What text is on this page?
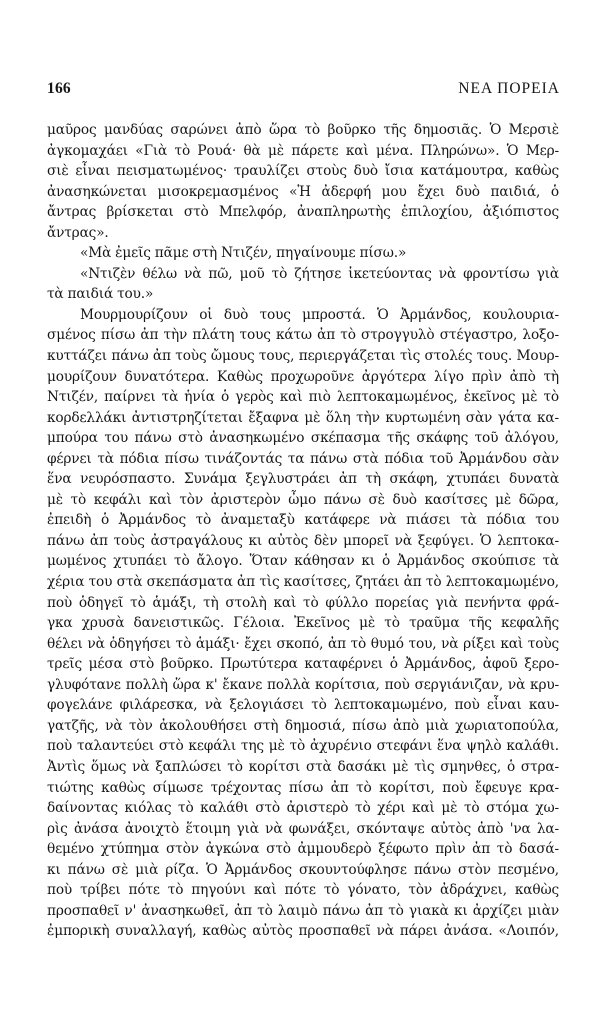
166	ΝΕΑ ΠΟΡΕΙΑ
μαῦρος μανδύας σαρώνει ἀπὸ ὥρα τὸ βοῦρκο τῆς δημοσιᾶς. Ὁ Μερσιὲ
ἀγκομαχάει «Γιὰ τὸ Ρουά· θὰ μὲ πάρετε καὶ μένα. Πληρώνω». Ὁ Μερ-
σιὲ εἶναι πεισματωμένος· τραυλίζει στοὺς δυὸ ἴσια κατάμουτρα, καθὼς
ἀνασηκώνεται μισοκρεμασμένος «Ἡ ἀδερφή μου ἔχει δυὸ παιδιά, ὁ
ἄντρας βρίσκεται στὸ Μπελφόρ, ἀναπληρωτὴς ἐπιλοχίου, ἀξιόπιστος
ἄντρας».
«Μὰ ἐμεῖς πᾶμε στὴ Ντιζέν, πηγαίνουμε πίσω.»
«Ντιζὲν θέλω νὰ πῶ, μοῦ τὸ ζήτησε ἱκετεύοντας νὰ φροντίσω γιὰ
τὰ παιδιά του.»
Μουρμουρίζουν οἱ δυὸ τους μπροστά. Ὁ Ἀρμάνδος, κουλουρια-
σμένος πίσω ἀπ τὴν πλάτη τους κάτω ἀπ τὸ στρογγυλὸ στέγαστρο, λοξο-
κυττάζει πάνω ἀπ τοὺς ὤμους τους, περιεργάζεται τὶς στολές τους. Μουρ-
μουρίζουν δυνατότερα. Καθὼς προχωροῦνε ἀργότερα λίγο πρὶν ἀπὸ τὴ
Ντιζέν, παίρνει τὰ ἡνία ὁ γερὸς καὶ πιὸ λεπτοκαμωμένος, ἐκεῖνος μὲ τὸ
κορδελλάκι ἀντιστρηζίτεται ἔξαφνα μὲ ὅλη τὴν κυρτωμένη σὰν γάτα κα-
μπούρα του πάνω στὸ ἀνασηκωμένο σκέπασμα τῆς σκάφης τοῦ ἀλόγου,
φέρνει τὰ πόδια πίσω τινάζοντάς τα πάνω στὰ πόδια τοῦ Ἀρμάνδου σὰν
ἕνα νευρόσπαστο. Συνάμα ξεγλυστράει ἀπ τὴ σκάφη, χτυπάει δυνατὰ
μὲ τὸ κεφάλι καὶ τὸν ἀριστερὸν ὦμο πάνω σὲ δυὸ κασίτσες μὲ δῶρα,
ἐπειδὴ ὁ Ἀρμάνδος τὸ ἀναμεταξὺ κατάφερε νὰ πιάσει τὰ πόδια του
πάνω ἀπ τοὺς ἀστραγάλους κι αὐτὸς δὲν μπορεῖ νὰ ξεφύγει. Ὁ λεπτοκα-
μωμένος χτυπάει τὸ ἄλογο. Ὅταν κάθησαν κι ὁ Ἀρμάνδος σκούπισε τὰ
χέρια του στὰ σκεπάσματα ἀπ τὶς κασίτσες, ζητάει ἀπ τὸ λεπτοκαμωμένο,
ποὺ ὁδηγεῖ τὸ ἁμάξι, τὴ στολὴ καὶ τὸ φύλλο πορείας γιὰ πενήντα φρά-
γκα χρυσὰ δανειστικῶς. Γέλοια. Ἐκεῖνος μὲ τὸ τραῦμα τῆς κεφαλῆς
θέλει νὰ ὁδηγήσει τὸ ἁμάξι· ἔχει σκοπό, ἀπ τὸ θυμό του, νὰ ρίξει καὶ τοὺς
τρεῖς μέσα στὸ βοῦρκο. Πρωτύτερα καταφέρνει ὁ Ἀρμάνδος, ἀφοῦ ξερο-
γλυφότανε πολλὴ ὥρα κ' ἔκανε πολλὰ κορίτσια, ποὺ σεργιάνιζαν, νὰ κρυ-
φογελάνε φιλάρεσκα, νὰ ξελογιάσει τὸ λεπτοκαμωμένο, ποὺ εἶναι καυ-
γατζῆς, νὰ τὸν ἀκολουθήσει στὴ δημοσιά, πίσω ἀπὸ μιὰ χωριατοπούλα,
ποὺ ταλαντεύει στὸ κεφάλι της μὲ τὸ ἀχυρένιο στεφάνι ἕνα ψηλὸ καλάθι.
Ἀντὶς ὅμως νὰ ξαπλώσει τὸ κορίτσι στὰ δασάκι μὲ τὶς σμηνθες, ὁ στρα-
τιώτης καθὼς σίμωσε τρέχοντας πίσω ἀπ τὸ κορίτσι, ποὺ ἔφευγε κρα-
δαίνοντας κιόλας τὸ καλάθι στὸ ἀριστερὸ τὸ χέρι καὶ μὲ τὸ στόμα χω-
ρὶς ἀνάσα ἀνοιχτὸ ἕτοιμη γιὰ νὰ φωνάξει, σκόνταψε αὐτὸς ἀπὸ 'να λα-
θεμένο χτύπημα στὸν ἀγκώνα στὸ ἀμμουδερὸ ξέφωτο πρὶν ἀπ τὸ δασά-
κι πάνω σὲ μιὰ ρίζα. Ὁ Ἀρμάνδος σκουντούφλησε πάνω στὸν πεσμένο,
ποὺ τρίβει πότε τὸ πηγούνι καὶ πότε τὸ γόνατο, τὸν ἀδράχνει, καθὼς
προσπαθεῖ ν' ἀνασηκωθεῖ, ἀπ τὸ λαιμὸ πάνω ἀπ τὸ γιακὰ κι ἀρχίζει μιὰν
ἐμπορικὴ συναλλαγή, καθὼς αὐτὸς προσπαθεῖ νὰ πάρει ἀνάσα. «Λοιπόν,
